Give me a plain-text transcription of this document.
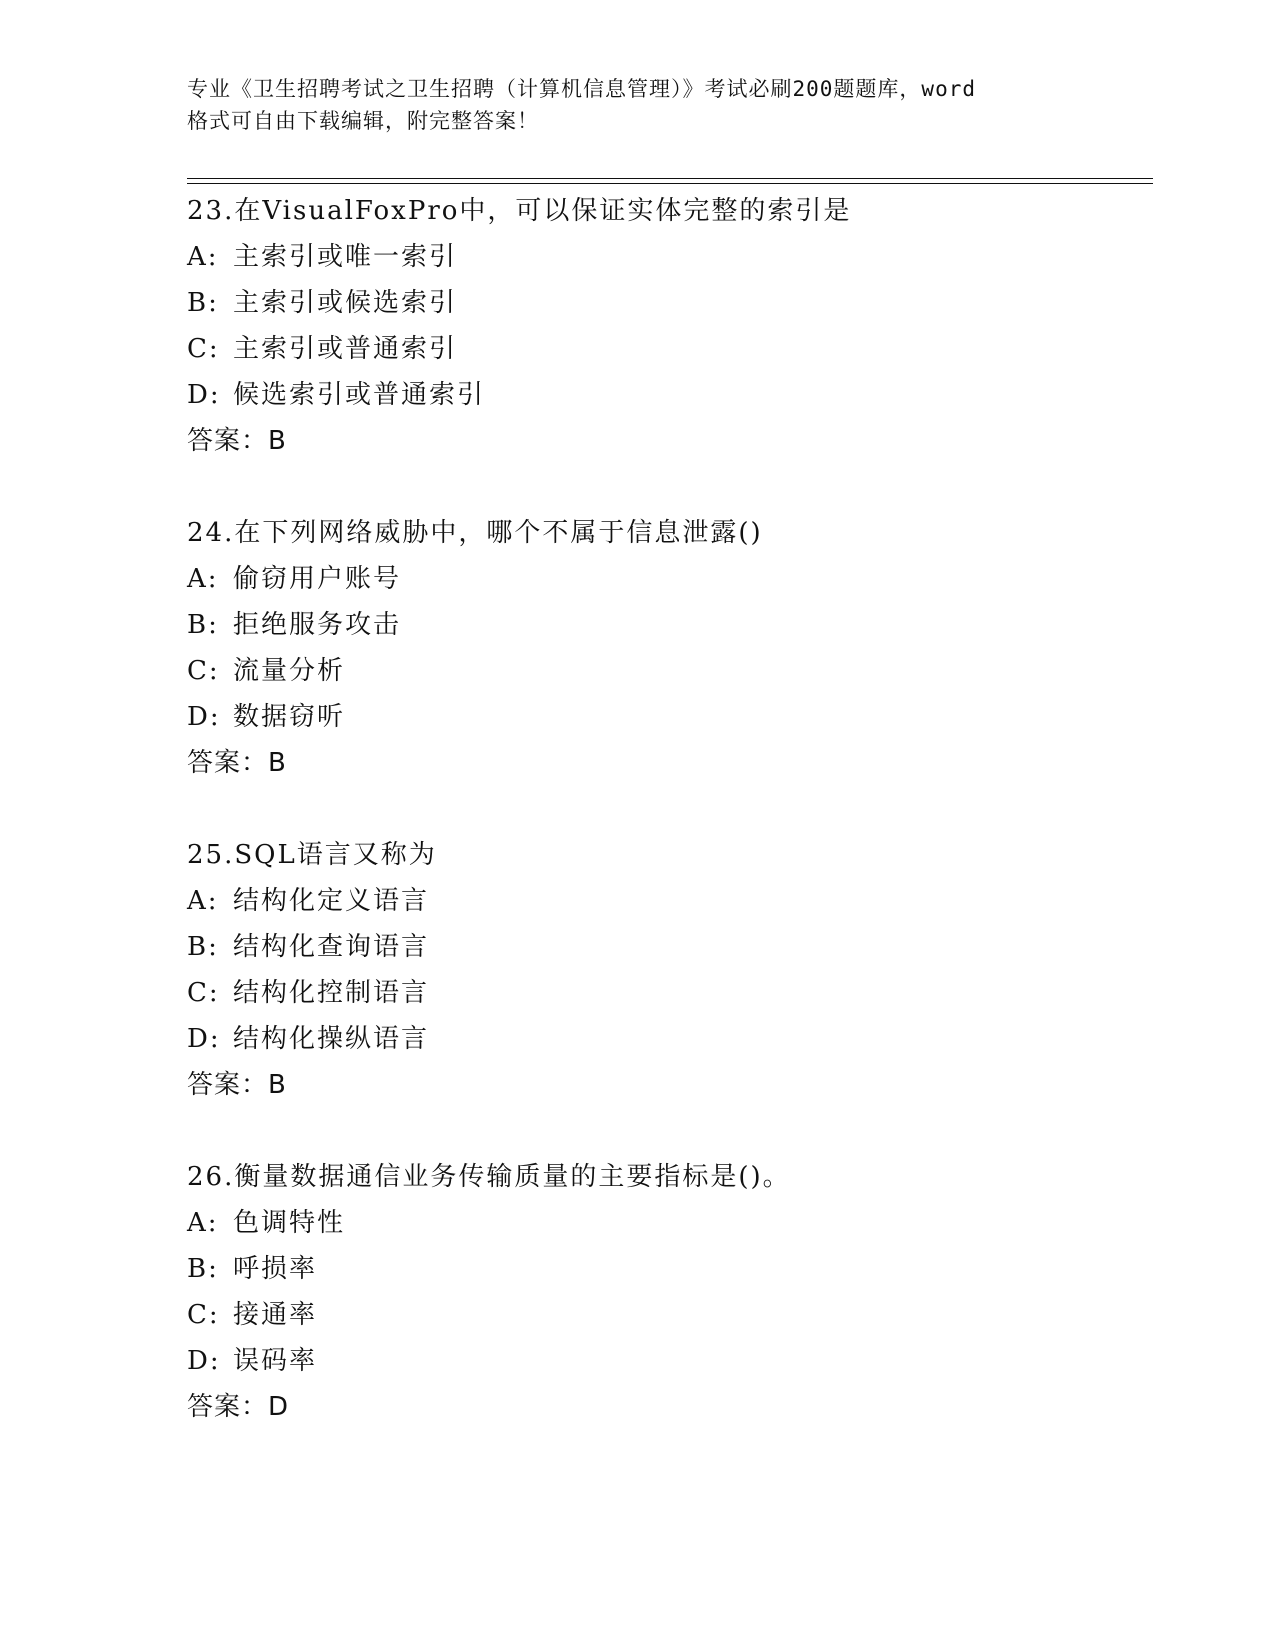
专业《卫生招聘考试之卫生招聘（计算机信息管理）》考试必刷200题题库，word
格式可自由下载编辑，附完整答案！
23.在VisualFoxPro中，可以保证实体完整的索引是
A: 主索引或唯一索引
B: 主索引或候选索引
C: 主索引或普通索引
D: 候选索引或普通索引
答案：B
24.在下列网络威胁中，哪个不属于信息泄露()
A: 偷窃用户账号
B: 拒绝服务攻击
C: 流量分析
D: 数据窃听
答案：B
25.SQL语言又称为
A: 结构化定义语言
B: 结构化查询语言
C: 结构化控制语言
D: 结构化操纵语言
答案：B
26.衡量数据通信业务传输质量的主要指标是()。
A: 色调特性
B: 呼损率
C: 接通率
D: 误码率
答案：D
